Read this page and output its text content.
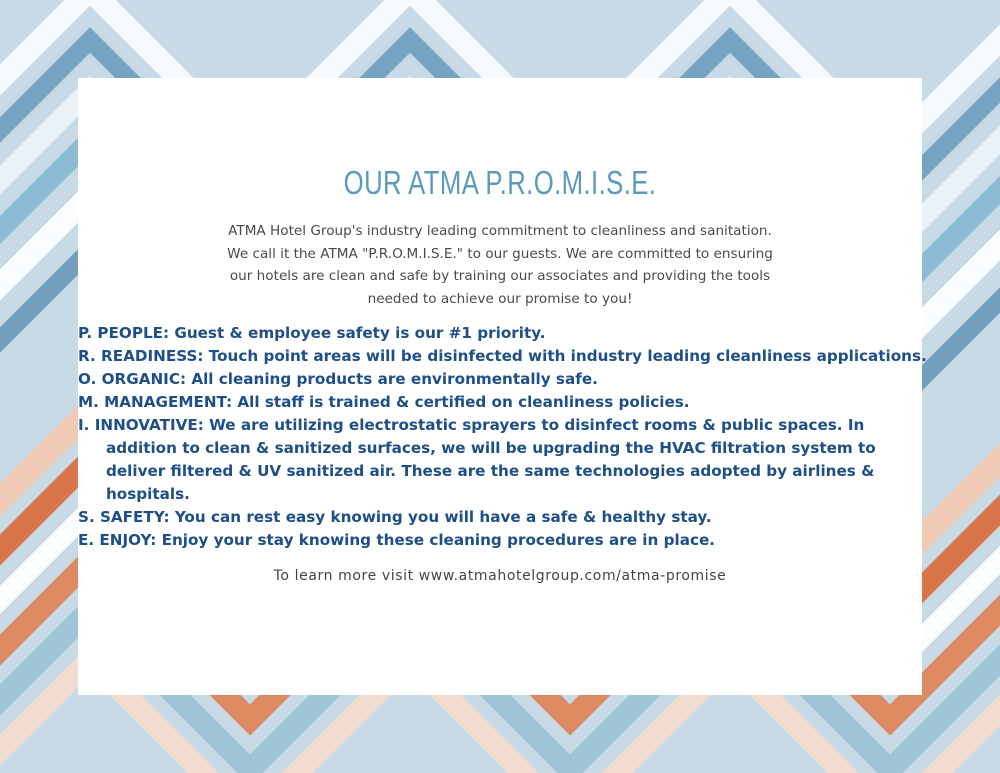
OUR ATMA P.R.O.M.I.S.E.

ATMA Hotel Group's industry leading commitment to cleanliness and sanitation. We call it the ATMA "P.R.O.M.I.S.E." to our guests. We are committed to ensuring our hotels are clean and safe by training our associates and providing the tools needed to achieve our promise to you!

P. PEOPLE: Guest & employee safety is our #1 priority.
R. READINESS: Touch point areas will be disinfected with industry leading cleanliness applications.
O. ORGANIC: All cleaning products are environmentally safe.
M. MANAGEMENT: All staff is trained & certified on cleanliness policies.
I. INNOVATIVE: We are utilizing electrostatic sprayers to disinfect rooms & public spaces. In addition to clean & sanitized surfaces, we will be upgrading the HVAC filtration system to deliver filtered & UV sanitized air. These are the same technologies adopted by airlines & hospitals.
S. SAFETY: You can rest easy knowing you will have a safe & healthy stay.
E. ENJOY: Enjoy your stay knowing these cleaning procedures are in place.
To learn more visit www.atmahotelgroup.com/atma-promise
